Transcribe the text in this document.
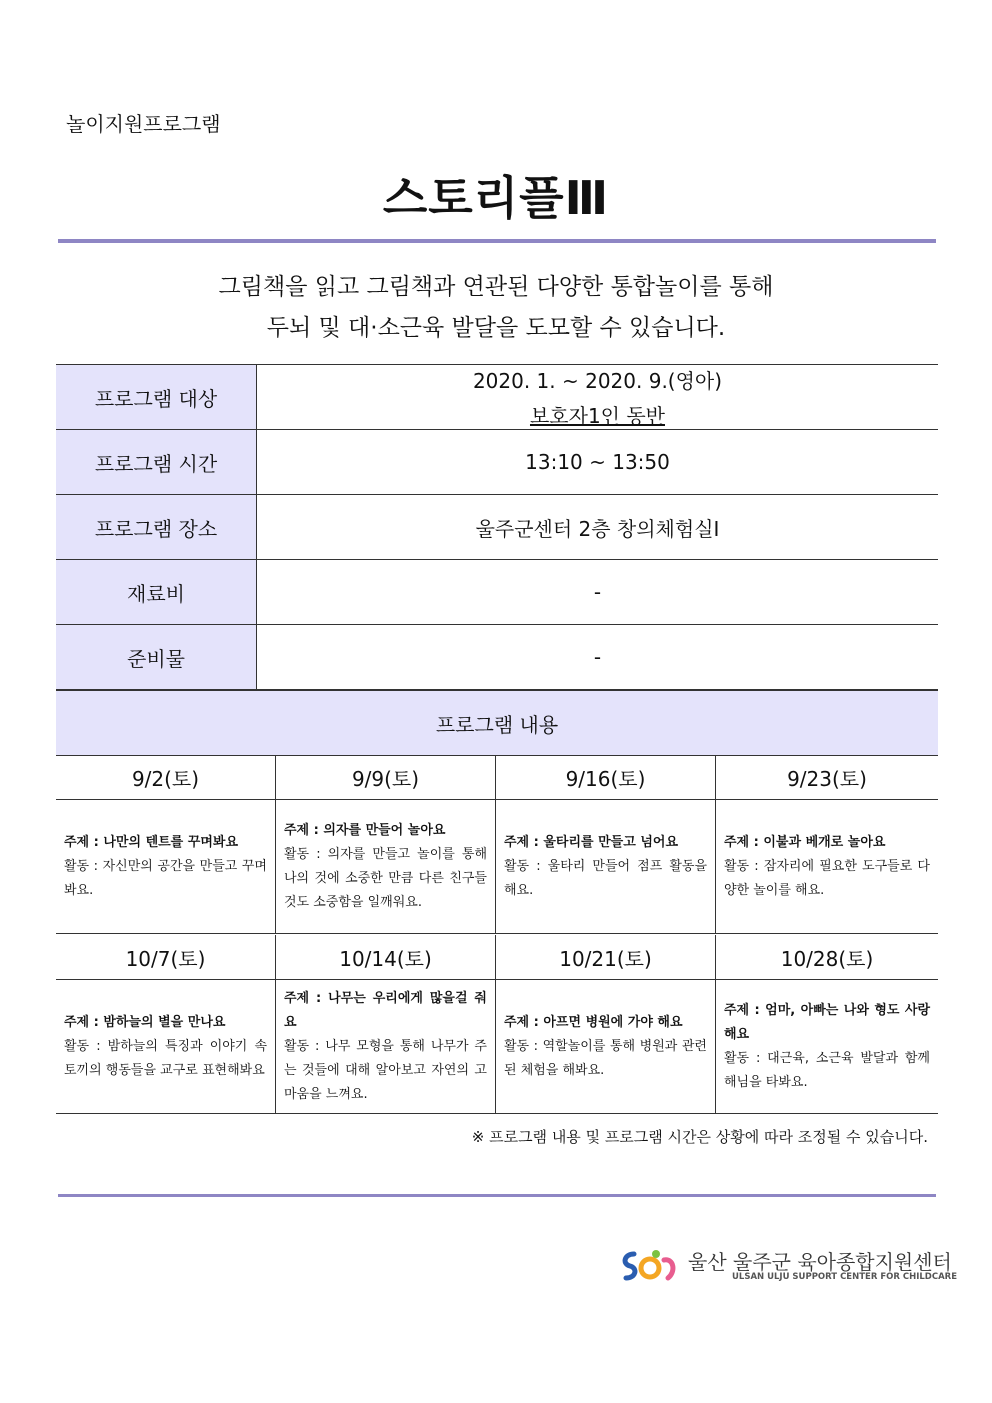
놀이지원프로그램
스토리플Ⅲ
그림책을 읽고 그림책과 연관된 다양한 통합놀이를 통해
두뇌 및 대·소근육 발달을 도모할 수 있습니다.
프로그램 대상	2020. 1. ~ 2020. 9.(영아)
보호자1인 동반

프로그램 시간	13:10 ~ 13:50
프로그램 장소	울주군센터 2층 창의체험실Ⅰ
재료비	-
준비물	-
프로그램 내용
9/2(토)	9/9(토)	9/16(토)	9/23(토)
주제 : 나만의 텐트를 꾸며봐요
활동 : 자신만의 공간을 만들고 꾸며 봐요.
주제 : 의자를 만들어 놀아요
활동 : 의자를 만들고 놀이를 통해 나의 것에 소중한 만큼 다른 친구들 것도 소중함을 일깨워요.
주제 : 울타리를 만들고 넘어요
활동 : 울타리 만들어 점프 활동을 해요.
주제 : 이불과 베개로 놀아요
활동 : 잠자리에 필요한 도구들로 다양한 놀이를 해요.
10/7(토)	10/14(토)	10/21(토)	10/28(토)
주제 : 밤하늘의 별을 만나요
활동 : 밤하늘의 특징과 이야기 속 토끼의 행동들을 교구로 표현해봐요
주제 : 나무는 우리에게 많을걸 줘요
활동 : 나무 모형을 통해 나무가 주는 것들에 대해 알아보고 자연의 고마움을 느껴요.
주제 : 아프면 병원에 가야 해요
활동 : 역할놀이를 통해 병원과 관련된 체험을 해봐요.
주제 : 엄마, 아빠는 나와 형도 사랑해요
활동 : 대근육, 소근육 발달과 함께 해님을 타봐요.
※ 프로그램 내용 및 프로그램 시간은 상황에 따라 조정될 수 있습니다.
울산 울주군 육아종합지원센터
ULSAN ULJU SUPPORT CENTER FOR CHILDCARE
